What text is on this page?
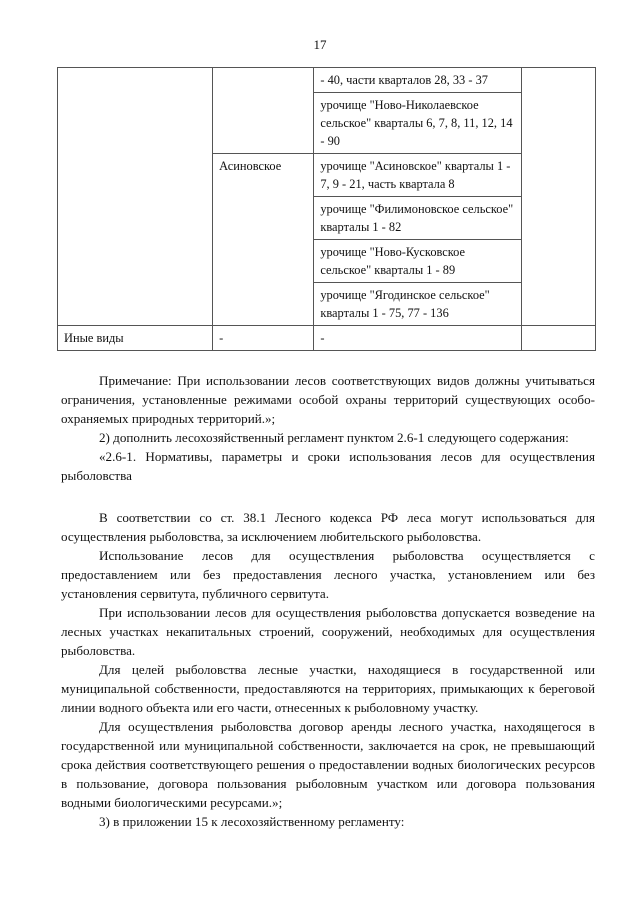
17
		- 40, части кварталов 28, 33 - 37	
		урочище "Ново-Николаевское сельское" кварталы 6, 7, 8, 11, 12, 14 - 90	
	Асиновское	урочище "Асиновское" кварталы 1 - 7, 9 - 21, часть квартала 8	
		урочище "Филимоновское сельское" кварталы 1 - 82	
		урочище "Ново-Кусковское сельское" кварталы 1 - 89	
		урочище "Ягодинское сельское" кварталы 1 - 75, 77 - 136	
Иные виды	-	-	

Примечание: При использовании лесов соответствующих видов должны учитываться ограничения, установленные режимами особой охраны территорий существующих особо-охраняемых природных территорий.»;

2) дополнить лесохозяйственный регламент пунктом 2.6-1 следующего содержания:

«2.6-1. Нормативы, параметры и сроки использования лесов для осуществления рыболовства

В соответствии со ст. 38.1 Лесного кодекса РФ леса могут использоваться для осуществления рыболовства, за исключением любительского рыболовства.

Использование лесов для осуществления рыболовства осуществляется с предоставлением или без предоставления лесного участка, установлением или без установления сервитута, публичного сервитута.

При использовании лесов для осуществления рыболовства допускается возведение на лесных участках некапитальных строений, сооружений, необходимых для осуществления рыболовства.

Для целей рыболовства лесные участки, находящиеся в государственной или муниципальной собственности, предоставляются на территориях, примыкающих к береговой линии водного объекта или его части, отнесенных к рыболовному участку.

Для осуществления рыболовства договор аренды лесного участка, находящегося в государственной или муниципальной собственности, заключается на срок, не превышающий срока действия соответствующего решения о предоставлении водных биологических ресурсов в пользование, договора пользования рыболовным участком или договора пользования водными биологическими ресурсами.»;

3) в приложении 15 к лесохозяйственному регламенту:
